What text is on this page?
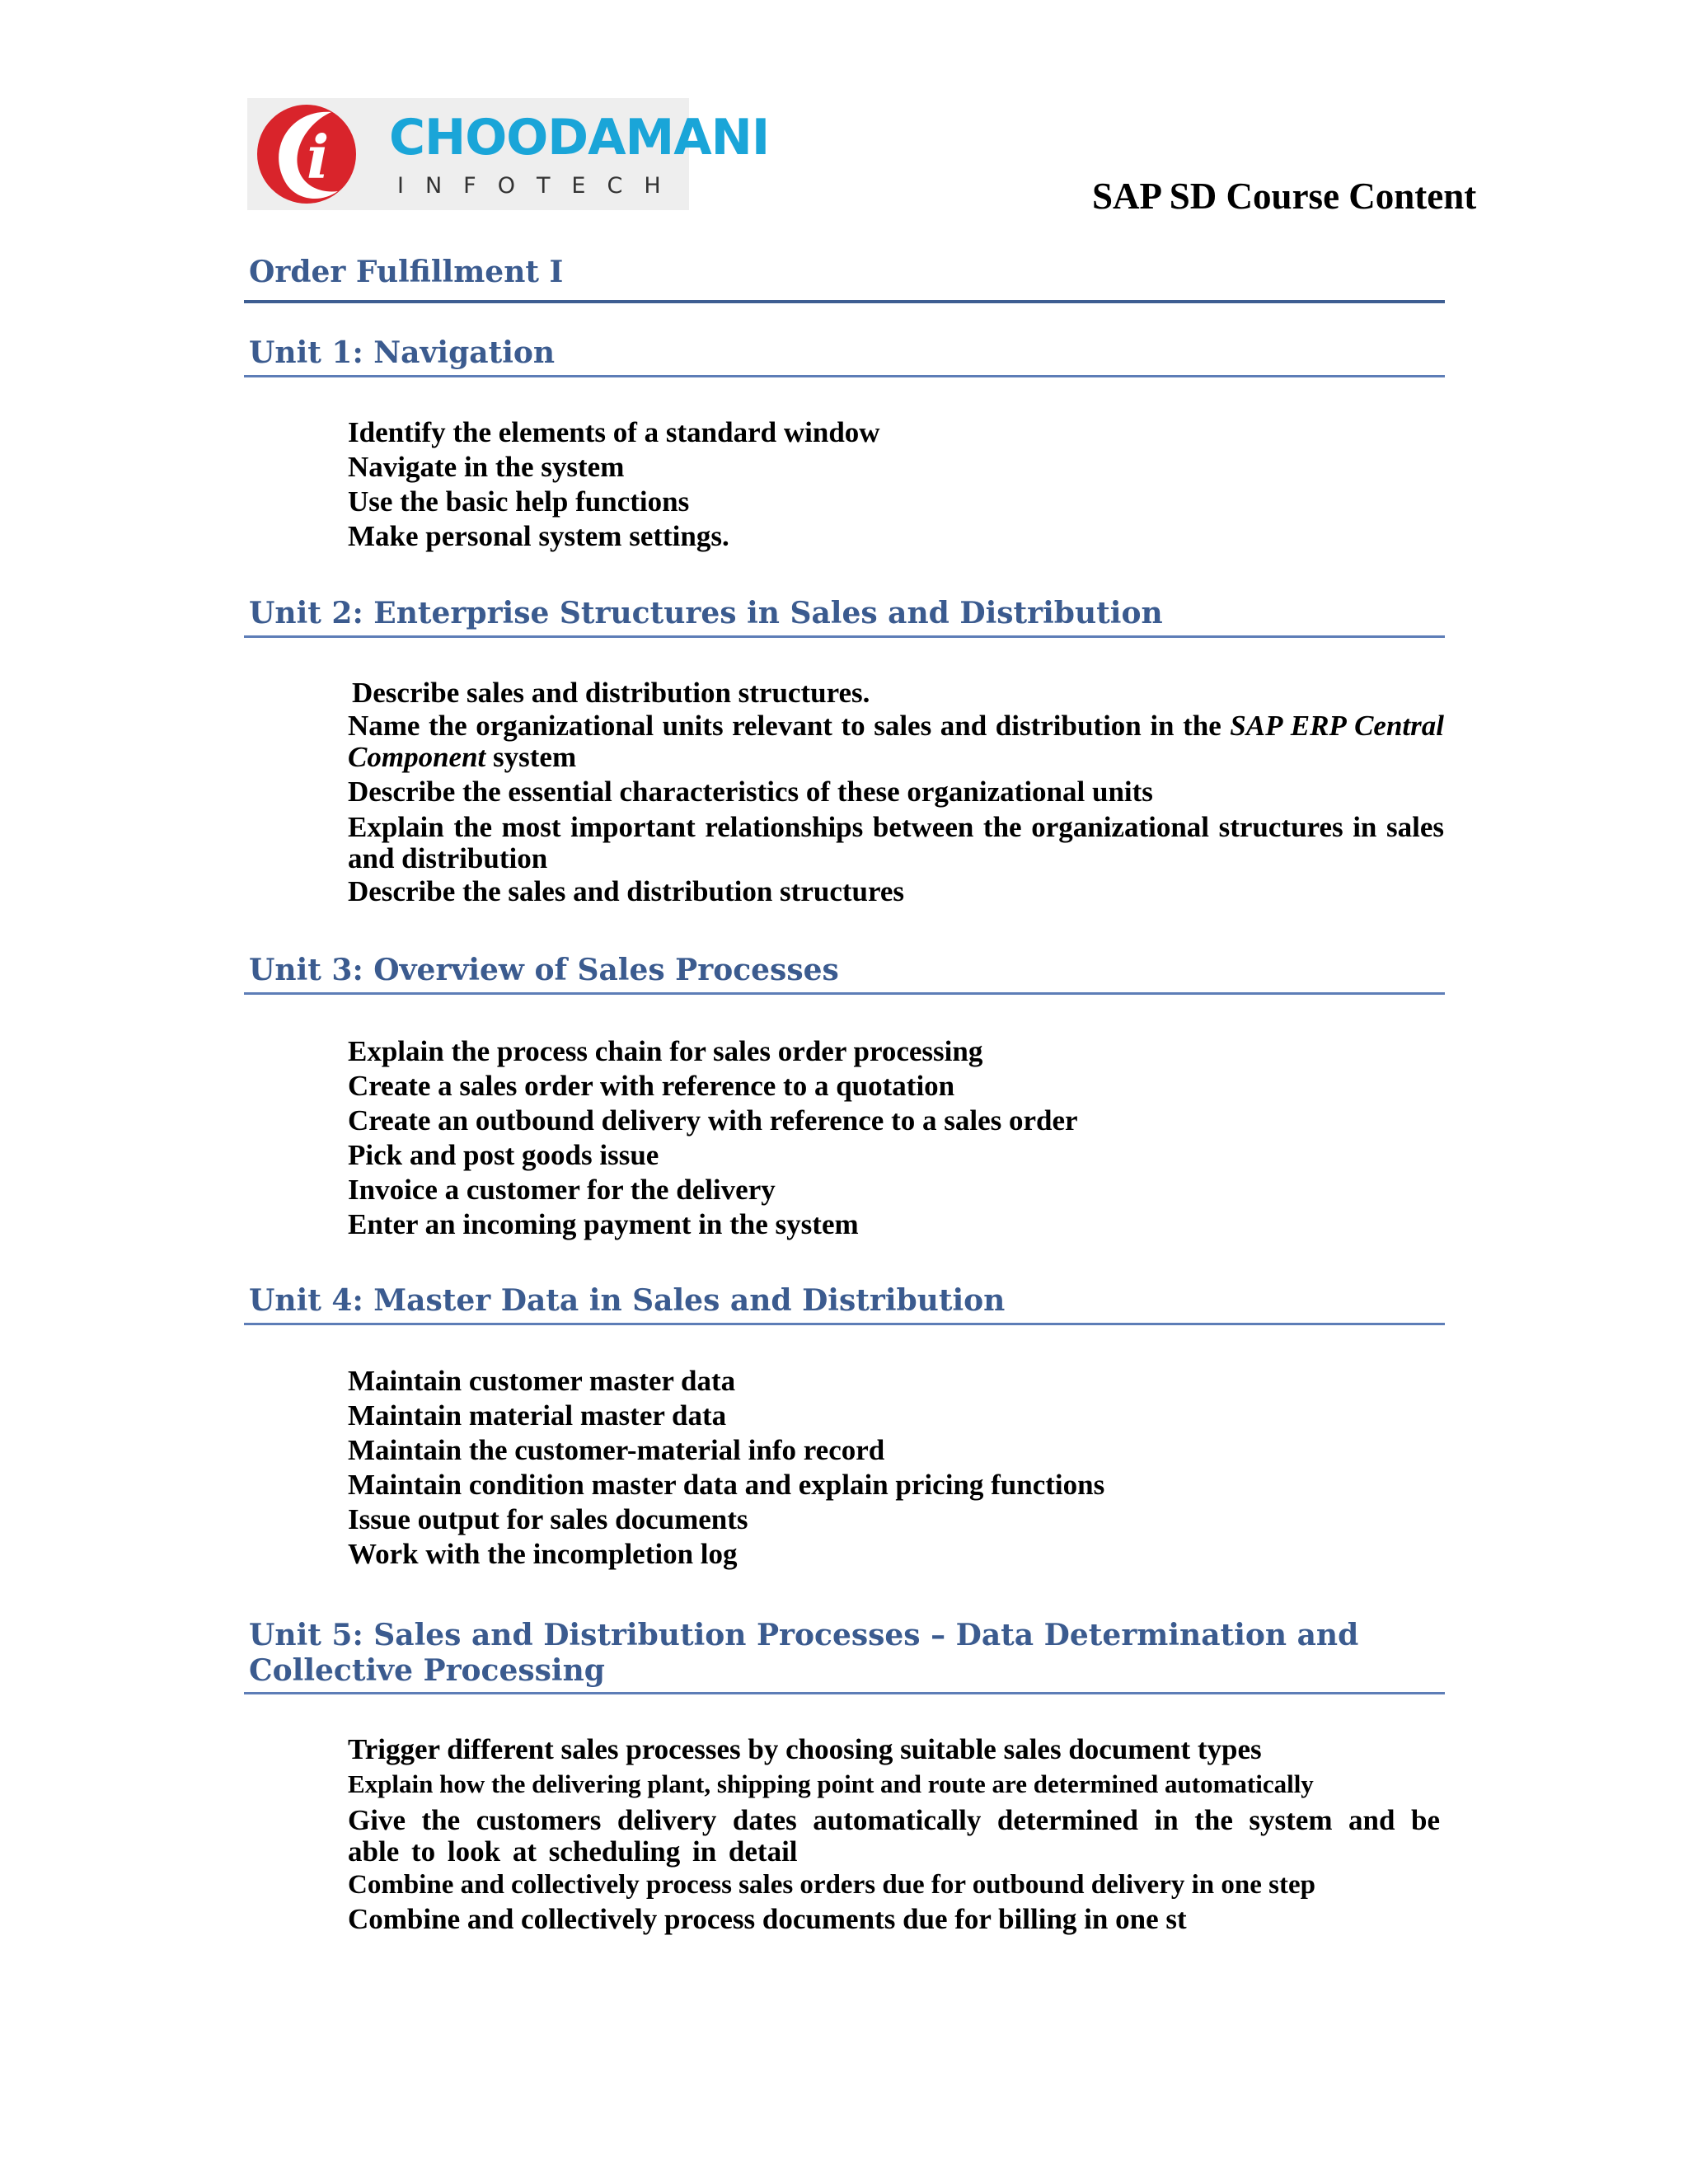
i CHOODAMANI
INFOTECH	SAP SD Course Content
Order Fulfillment I
Unit 1: Navigation
Identify the elements of a standard window
Navigate in the system
Use the basic help functions
Make personal system settings.
Unit 2: Enterprise Structures in Sales and Distribution
Describe sales and distribution structures.
Name the organizational units relevant to sales and distribution in the SAP ERP Central Component system
Describe the essential characteristics of these organizational units
Explain the most important relationships between the organizational structures in sales and distribution
Describe the sales and distribution structures
Unit 3: Overview of Sales Processes
Explain the process chain for sales order processing
Create a sales order with reference to a quotation
Create an outbound delivery with reference to a sales order
Pick and post goods issue
Invoice a customer for the delivery
Enter an incoming payment in the system
Unit 4: Master Data in Sales and Distribution
Maintain customer master data
Maintain material master data
Maintain the customer-material info record
Maintain condition master data and explain pricing functions
Issue output for sales documents
Work with the incompletion log
Unit 5: Sales and Distribution Processes – Data Determination and
Collective Processing
Trigger different sales processes by choosing suitable sales document types
Explain how the delivering plant, shipping point and route are determined automatically
Give the customers delivery dates automatically determined in the system and be able to look at scheduling in detail
Combine and collectively process sales orders due for outbound delivery in one step
Combine and collectively process documents due for billing in one st
